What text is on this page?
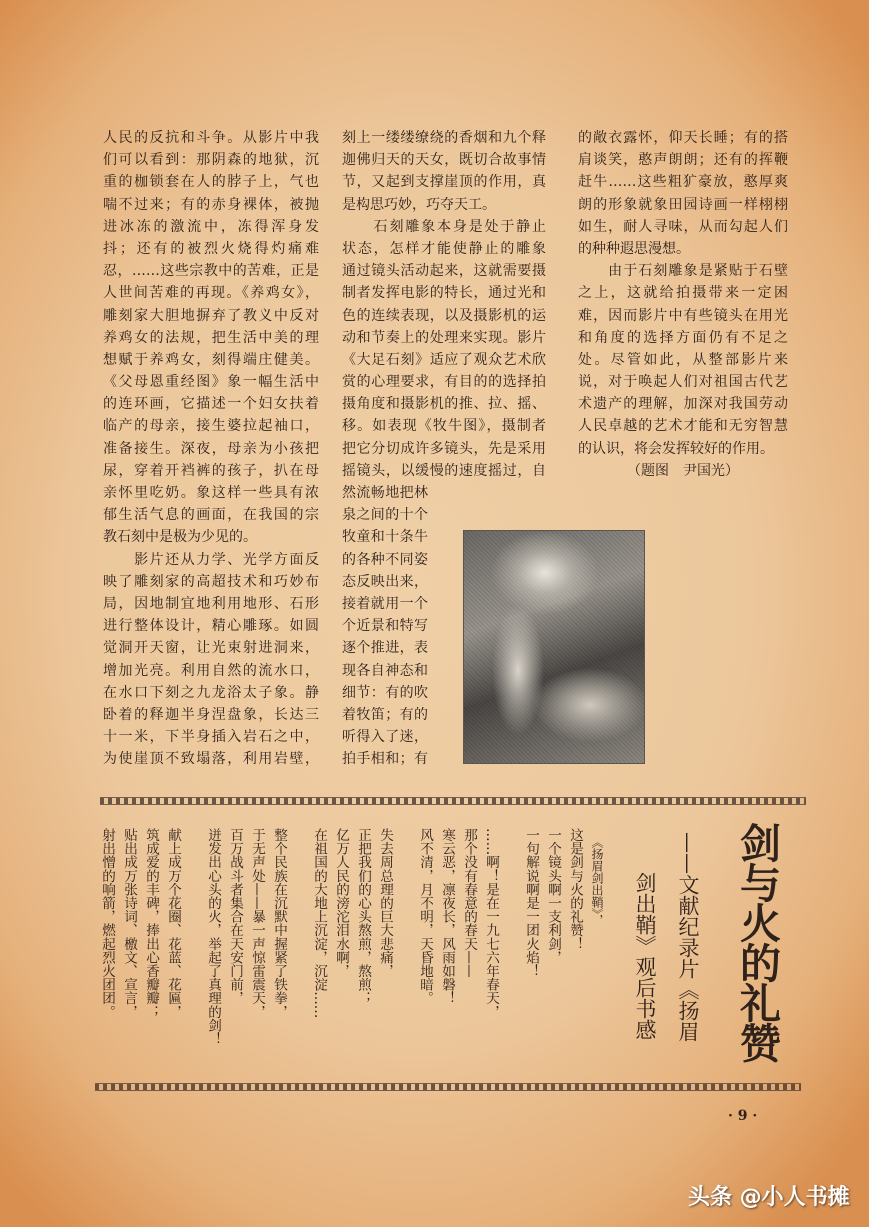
人民的反抗和斗争。从影片中我
们可以看到：那阴森的地狱，沉
重的枷锁套在人的脖子上，气也
喘不过来；有的赤身裸体，被抛
进冰冻的激流中，冻得浑身发
抖；还有的被烈火烧得灼痛难
忍，……这些宗教中的苦难，正是
人世间苦难的再现。《养鸡女》，
雕刻家大胆地摒弃了教义中反对
养鸡女的法规，把生活中美的理
想赋于养鸡女，刻得端庄健美。
《父母恩重经图》象一幅生活中
的连环画，它描述一个妇女扶着
临产的母亲，接生婆拉起袖口，
准备接生。深夜，母亲为小孩把
尿，穿着开裆裤的孩子，扒在母
亲怀里吃奶。象这样一些具有浓
郁生活气息的画面，在我国的宗
教石刻中是极为少见的。
　　影片还从力学、光学方面反
映了雕刻家的高超技术和巧妙布
局，因地制宜地利用地形、石形
进行整体设计，精心雕琢。如圆
觉洞开天窗，让光束射进洞来，
增加光亮。利用自然的流水口，
在水口下刻之九龙浴太子象。静
卧着的释迦半身涅盘象，长达三
十一米，下半身插入岩石之中，
为使崖顶不致塌落，利用岩壁，
刻上一缕缕缭绕的香烟和九个释
迦佛归天的天女，既切合故事情
节，又起到支撑崖顶的作用，真
是构思巧妙，巧夺天工。
　　石刻雕象本身是处于静止
状态，怎样才能使静止的雕象
通过镜头活动起来，这就需要摄
制者发挥电影的特长，通过光和
色的连续表现，以及摄影机的运
动和节奏上的处理来实现。影片
《大足石刻》适应了观众艺术欣
赏的心理要求，有目的的选择拍
摄角度和摄影机的推、拉、摇、
移。如表现《牧牛图》，摄制者
把它分切成许多镜头，先是采用
摇镜头，以缓慢的速度摇过，自
然流畅地把林
泉之间的十个
牧童和十条牛
的各种不同姿
态反映出来，
接着就用一个
个近景和特写
逐个推进，表
现各自神态和
细节：有的吹
着牧笛；有的
听得入了迷，
拍手相和；有
的敞衣露怀，仰天长睡；有的搭
肩谈笑，憨声朗朗；还有的挥鞭
赶牛……这些粗犷豪放，憨厚爽
朗的形象就象田园诗画一样栩栩
如生，耐人寻味，从而勾起人们
的种种遐思漫想。
　　由于石刻雕象是紧贴于石壁
之上，这就给拍摄带来一定困
难，因而影片中有些镜头在用光
和角度的选择方面仍有不足之
处。尽管如此，从整部影片来
说，对于唤起人们对祖国古代艺
术遗产的理解，加深对我国劳动
人民卓越的艺术才能和无穷智慧
的认识，将会发挥较好的作用。
（题图　尹国光）
剑与火的礼赞
——文献纪录片《扬眉
剑出鞘》观后书感
《扬眉剑出鞘》，
这是剑与火的礼赞！
一个镜头啊一支利剑，
一句解说啊是一团火焰！
……啊！是在一九七六年春天，
那个没有春意的春天——
寒云恶，凛夜长，风雨如磐！
风不清，月不明，天昏地暗。
失去周总理的巨大悲痛，
正把我们的心头熬煎，熬煎；
亿万人民的滂沱泪水啊，
在祖国的大地上沉淀，沉淀……
整个民族在沉默中握紧了铁拳，
于无声处——暴一声惊雷震天，
百万战斗者集合在天安门前，
迸发出心头的火，举起了真理的剑！
献上成万个花圈、花蓝、花匾，
筑成爱的丰碑，捧出心香瓣瓣；
贴出成万张诗词、檄文、宣言，
射出憎的响箭，燃起烈火团团。
· 9 ·
头条 @小人书摊
